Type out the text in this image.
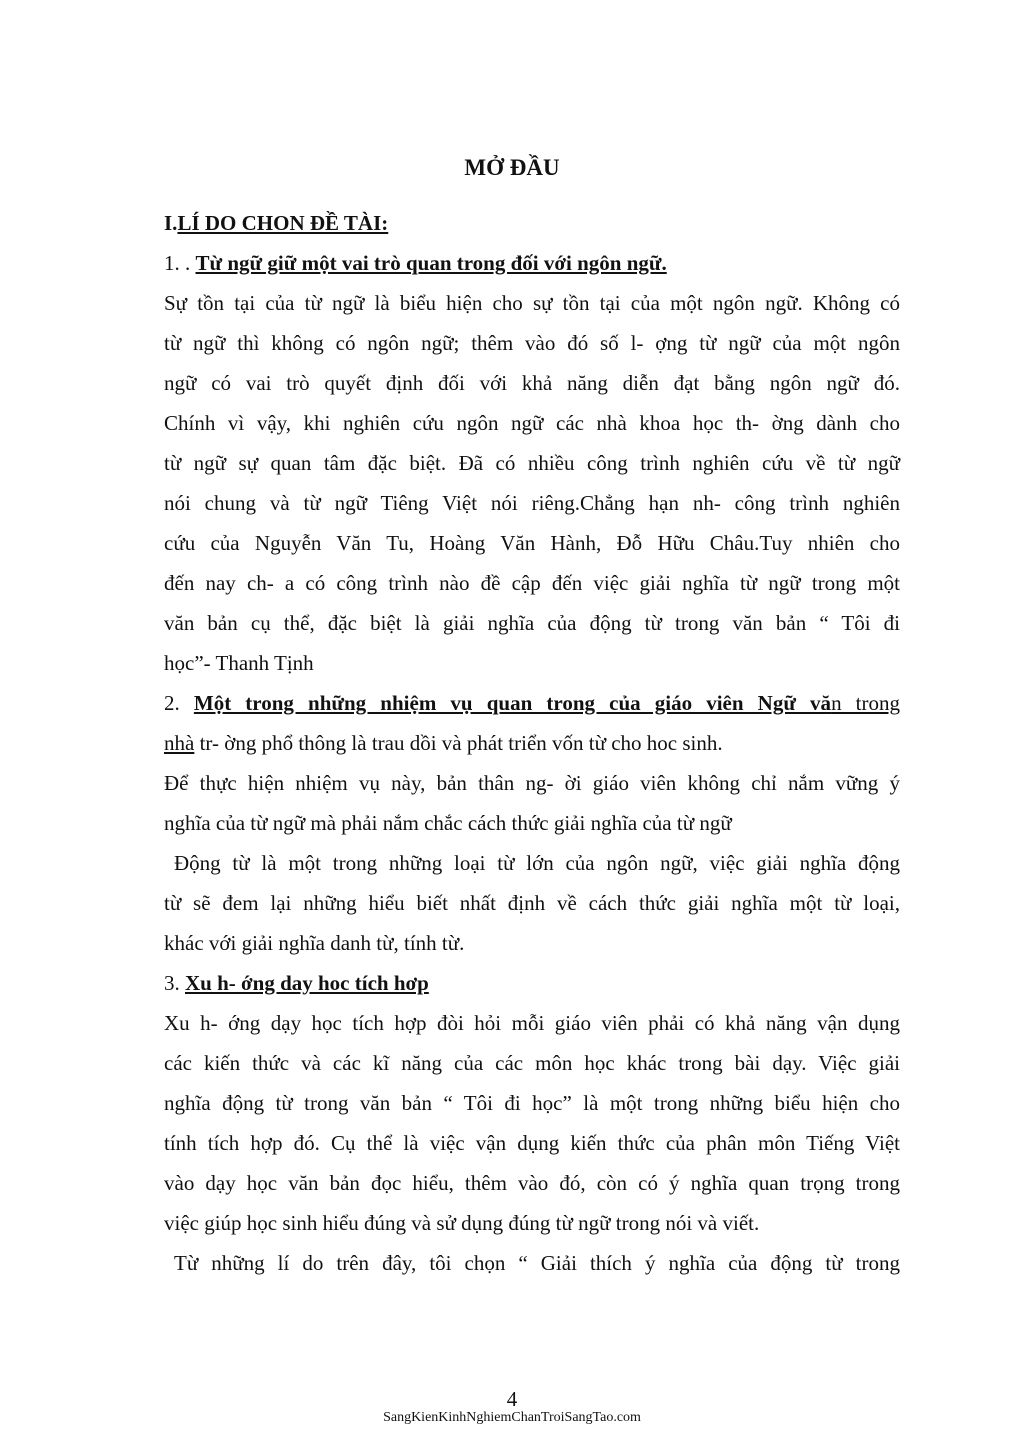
MỞ ĐẦU

I.LÍ DO CHON ĐỀ TÀI:

1. . Từ ngữ giữ một vai trò quan trong đối với ngôn ngữ.

Sự tồn tại của từ ngữ là biểu hiện cho sự tồn tại của một ngôn ngữ. Không có

từ ngữ thì không có ngôn ngữ; thêm vào đó số l- ợng từ ngữ của một ngôn

ngữ có vai trò quyết định đối với khả năng diễn đạt bằng ngôn ngữ đó.

Chính vì vậy, khi nghiên cứu ngôn ngữ các nhà khoa học th- ờng dành cho

từ ngữ sự quan tâm đặc biệt. Đã có nhiều công trình nghiên cứu về từ ngữ

nói chung và từ ngữ Tiêng Việt nói riêng.Chẳng hạn nh- công trình nghiên

cứu của Nguyễn Văn Tu, Hoàng Văn Hành, Đỗ Hữu Châu.Tuy nhiên cho

đến nay ch- a có công trình nào đề cập đến việc giải nghĩa từ ngữ trong một

văn bản cụ thể, đặc biệt là giải nghĩa của động từ trong văn bản “ Tôi đi

học”- Thanh Tịnh

2. Một trong những nhiệm vụ quan trong của giáo viên Ngữ văn trong

nhà tr- ờng phổ thông là trau dồi và phát triển vốn từ cho hoc sinh.

Để thực hiện nhiệm vụ này, bản thân ng- ời giáo viên không chỉ nắm vững ý

nghĩa của từ ngữ mà phải nắm chắc cách thức giải nghĩa của từ ngữ

Động từ là một trong những loại từ lớn của ngôn ngữ, việc giải nghĩa động

từ sẽ đem lại những hiểu biết nhất định về cách thức giải nghĩa một từ loại,

khác với giải nghĩa danh từ, tính từ.

3. Xu h- ớng day hoc tích hơp

Xu h- ớng dạy học tích hợp đòi hỏi mỗi giáo viên phải có khả năng vận dụng

các kiến thức và các kĩ năng của các môn học khác trong bài dạy. Việc giải

nghĩa động từ trong văn bản “ Tôi đi học” là một trong những biểu hiện cho

tính tích hợp đó. Cụ thể là việc vận dụng kiến thức của phân môn Tiếng Việt

vào dạy học văn bản đọc hiểu, thêm vào đó, còn có ý nghĩa quan trọng trong

việc giúp học sinh hiểu đúng và sử dụng đúng từ ngữ trong nói và viết.

Từ những lí do trên đây, tôi chọn “ Giải thích ý nghĩa của động từ trong

4
SangKienKinhNghiemChanTroiSangTao.com
